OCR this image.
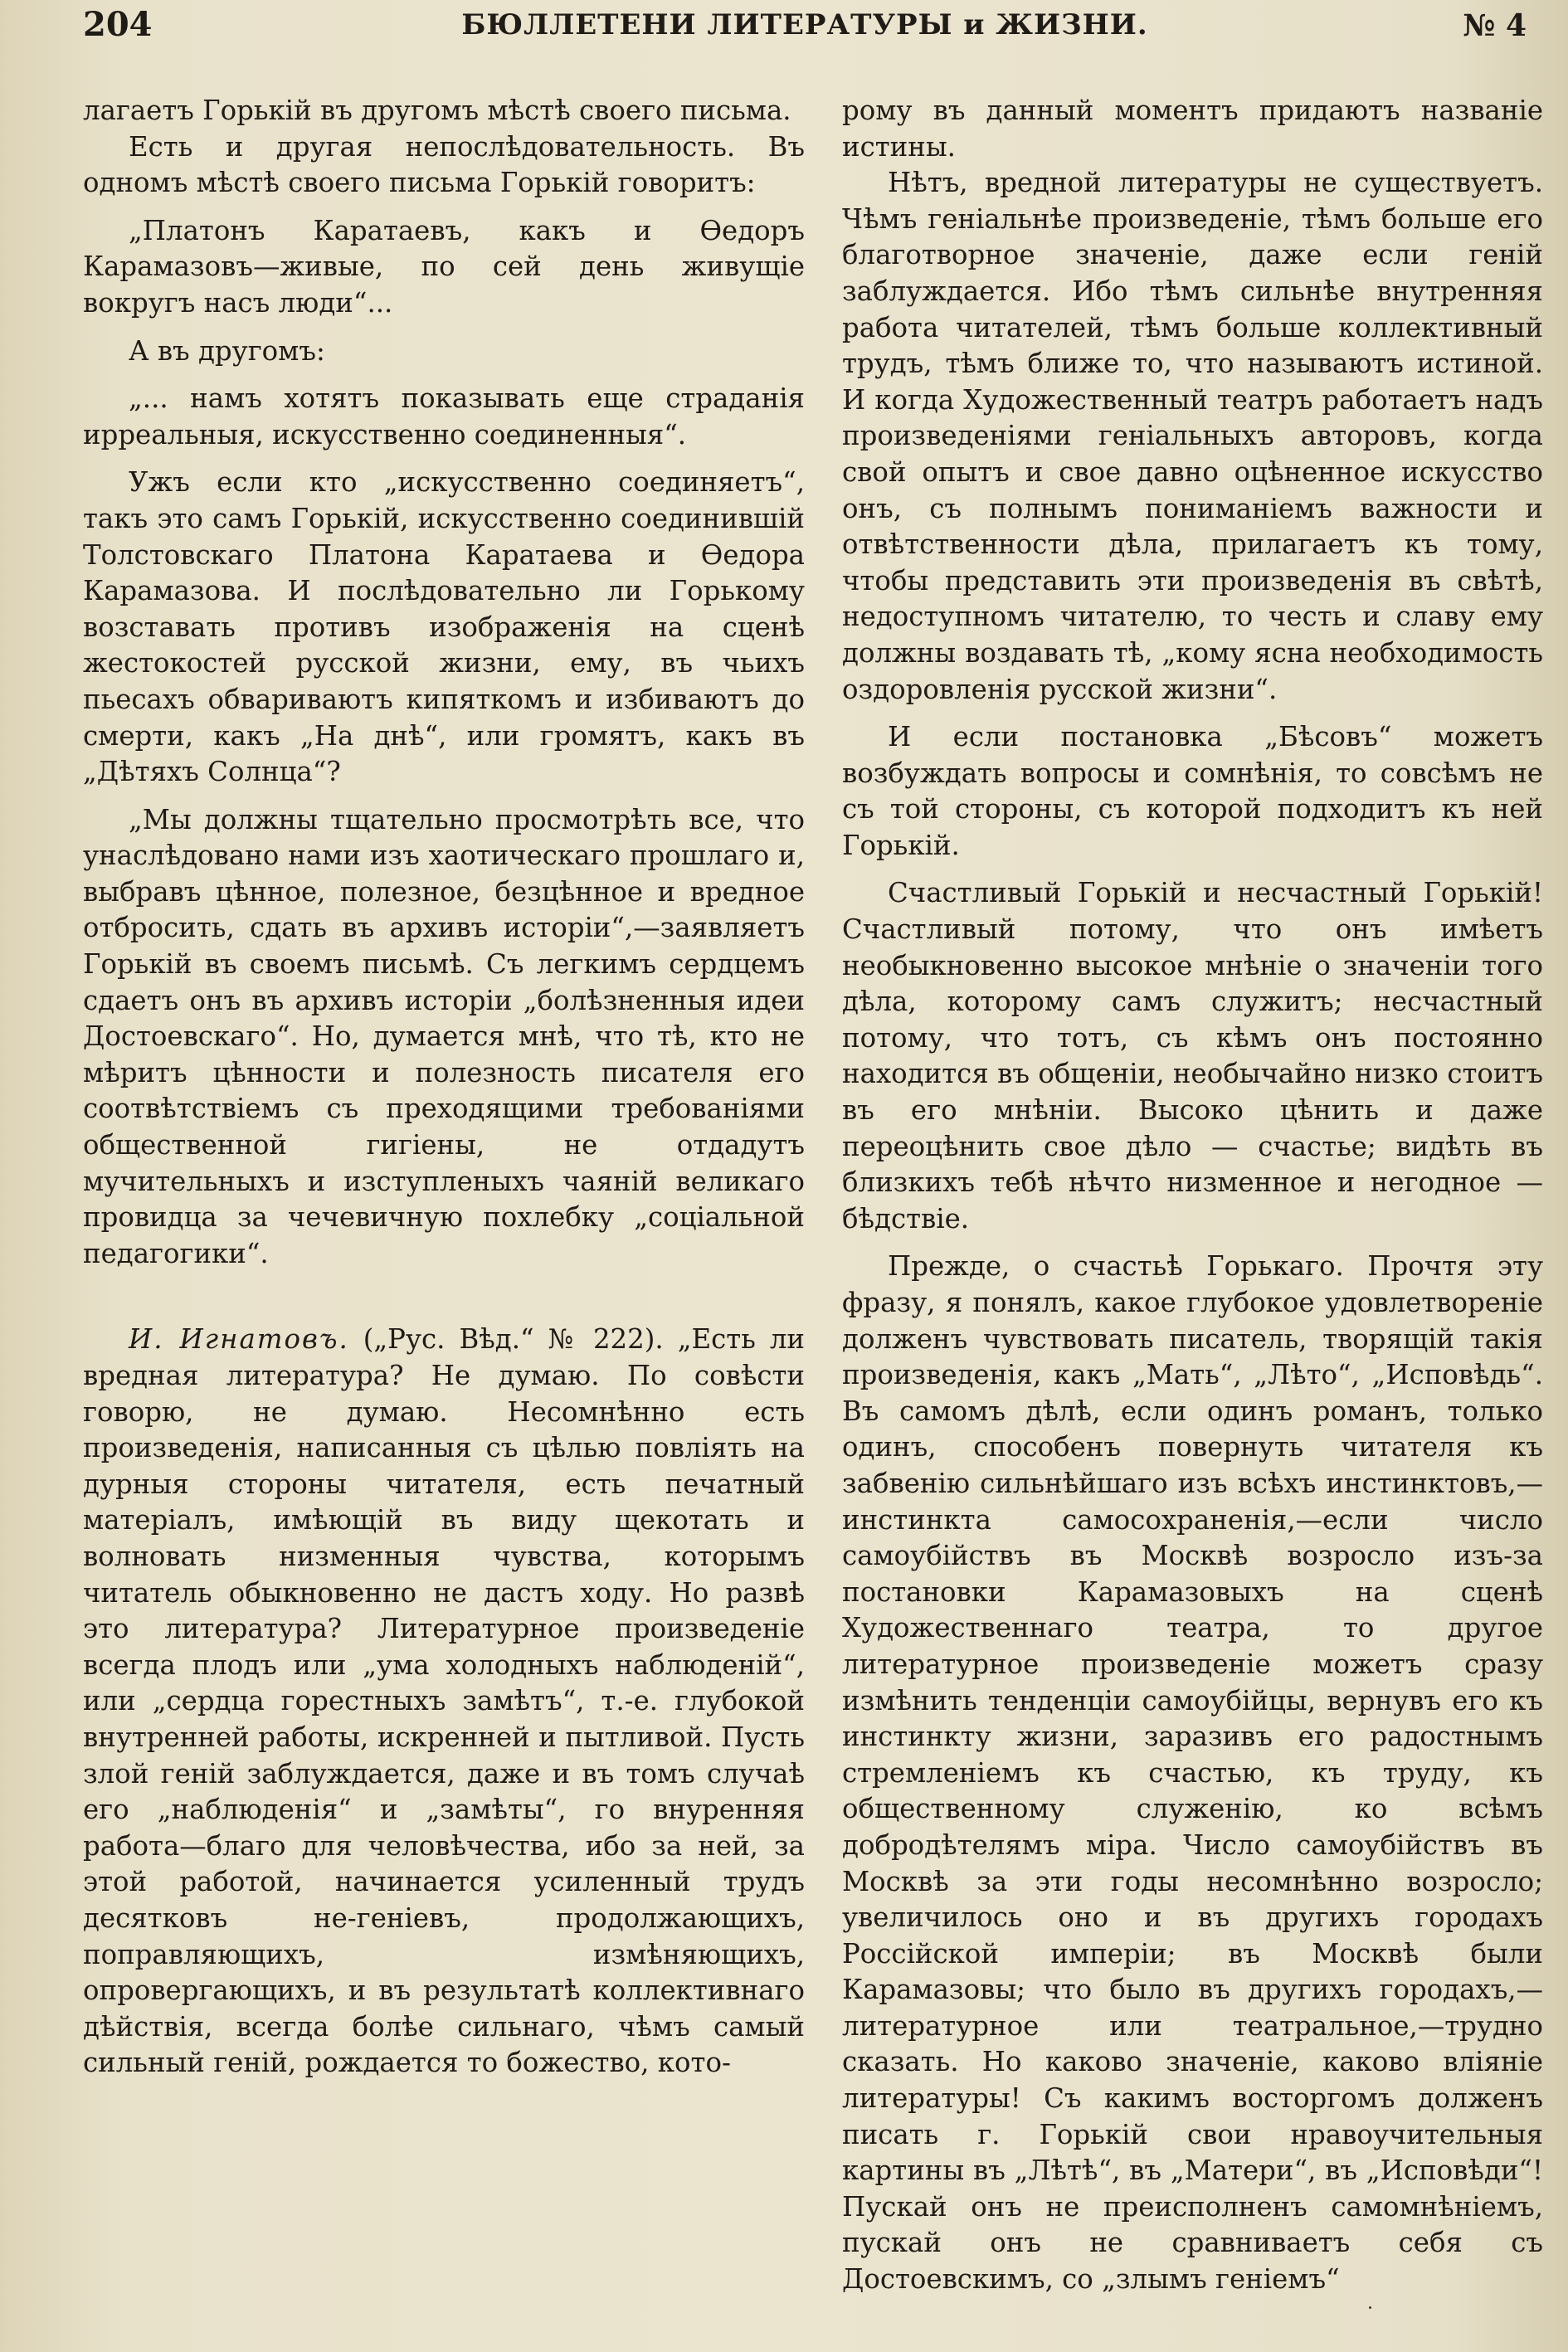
204	БЮЛЛЕТЕНИ ЛИТЕРАТУРЫ и ЖИЗНИ.	№ 4

лагаетъ Горькій въ другомъ мѣстѣ своего письма.

Есть и другая непослѣдовательность. Въ одномъ мѣстѣ своего письма Горькій говоритъ:

„Платонъ Каратаевъ, какъ и Ѳедоръ Карамазовъ—живые, по сей день живущіе вокругъ насъ люди“...

А въ другомъ:

„... намъ хотятъ показывать еще страданія ирреальныя, искусственно соединенныя“.

Ужъ если кто „искусственно соединяетъ“, такъ это самъ Горькій, искусственно соединившій Толстовскаго Платона Каратаева и Ѳедора Карамазова. И послѣдовательно ли Горькому возставать противъ изображенія на сценѣ жестокостей русской жизни, ему, въ чьихъ пьесахъ обвариваютъ кипяткомъ и избиваютъ до смерти, какъ „На днѣ“, или громятъ, какъ въ „Дѣтяхъ Солнца“?

„Мы должны тщательно просмотрѣть все, что унаслѣдовано нами изъ хаотическаго прошлаго и, выбравъ цѣнное, полезное, безцѣнное и вредное отбросить, сдать въ архивъ исторіи“,—заявляетъ Горькій въ своемъ письмѣ. Съ легкимъ сердцемъ сдаетъ онъ въ архивъ исторіи „болѣзненныя идеи Достоевскаго“. Но, думается мнѣ, что тѣ, кто не мѣритъ цѣнности и полезность писателя его соотвѣтствіемъ съ преходящими требованіями общественной гигіены, не отдадутъ мучительныхъ и изступленыхъ чаяній великаго провидца за чечевичную похлебку „соціальной педагогики“.

И. Игнатовъ. („Рус. Вѣд.“ № 222). „Есть ли вредная литература? Не думаю. По совѣсти говорю, не думаю. Несомнѣнно есть произведенія, написанныя съ цѣлью повліять на дурныя стороны читателя, есть печатный матеріалъ, имѣющій въ виду щекотать и волновать низменныя чувства, которымъ читатель обыкновенно не дастъ ходу. Но развѣ это литература? Литературное произведеніе всегда плодъ или „ума холодныхъ наблюденій“, или „сердца горестныхъ замѣтъ“, т.-е. глубокой внутренней работы, искренней и пытливой. Пусть злой геній заблуждается, даже и въ томъ случаѣ его „наблюденія“ и „замѣты“, го внуренняя работа—благо для человѣчества, ибо за ней, за этой работой, начинается усиленный трудъ десятковъ не-геніевъ, продолжающихъ, поправляющихъ, измѣняющихъ, опровергающихъ, и въ результатѣ коллективнаго дѣйствія, всегда болѣе сильнаго, чѣмъ самый сильный геній, рождается то божество, кото-

рому въ данный моментъ придаютъ названіе истины.

Нѣтъ, вредной литературы не существуетъ. Чѣмъ геніальнѣе произведеніе, тѣмъ больше его благотворное значеніе, даже если геній заблуждается. Ибо тѣмъ сильнѣе внутренняя работа читателей, тѣмъ больше коллективный трудъ, тѣмъ ближе то, что называютъ истиной. И когда Художественный театръ работаетъ надъ произведеніями геніальныхъ авторовъ, когда свой опытъ и свое давно оцѣненное искусство онъ, съ полнымъ пониманіемъ важности и отвѣтственности дѣла, прилагаетъ къ тому, чтобы представить эти произведенія въ свѣтѣ, недоступномъ читателю, то честь и славу ему должны воздавать тѣ, „кому ясна необходимость оздоровленія русской жизни“.

И если постановка „Бѣсовъ“ можетъ возбуждать вопросы и сомнѣнія, то совсѣмъ не съ той стороны, съ которой подходитъ къ ней Горькій.

Счастливый Горькій и несчастный Горькій! Счастливый потому, что онъ имѣетъ необыкновенно высокое мнѣніе о значеніи того дѣла, которому самъ служитъ; несчастный потому, что тотъ, съ кѣмъ онъ постоянно находится въ общеніи, необычайно низко стоитъ въ его мнѣніи. Высоко цѣнить и даже переоцѣнить свое дѣло — счастье; видѣть въ близкихъ тебѣ нѣчто низменное и негодное — бѣдствіе.

Прежде, о счастьѣ Горькаго. Прочтя эту фразу, я понялъ, какое глубокое удовлетвореніе долженъ чувствовать писатель, творящій такія произведенія, какъ „Мать“, „Лѣто“, „Исповѣдь“. Въ самомъ дѣлѣ, если одинъ романъ, только одинъ, способенъ повернуть читателя къ забвенію сильнѣйшаго изъ всѣхъ инстинктовъ,— инстинкта самосохраненія,—если число самоубійствъ въ Москвѣ возросло изъ-за постановки Карамазовыхъ на сценѣ Художественнаго театра, то другое литературное произведеніе можетъ сразу измѣнить тенденціи самоубійцы, вернувъ его къ инстинкту жизни, заразивъ его радостнымъ стремленіемъ къ счастью, къ труду, къ общественному служенію, ко всѣмъ добродѣтелямъ міра. Число самоубійствъ въ Москвѣ за эти годы несомнѣнно возросло; увеличилось оно и въ другихъ городахъ Россійской имперіи; въ Москвѣ были Карамазовы; что было въ другихъ городахъ,— литературное или театральное,—трудно сказать. Но каково значеніе, каково вліяніе литературы! Съ какимъ восторгомъ долженъ писать г. Горькій свои нравоучительныя картины въ „Лѣтѣ“, въ „Матери“, въ „Исповѣди“! Пускай онъ не преисполненъ самомнѣніемъ, пускай онъ не сравниваетъ себя съ Достоевскимъ, со „злымъ геніемъ“
